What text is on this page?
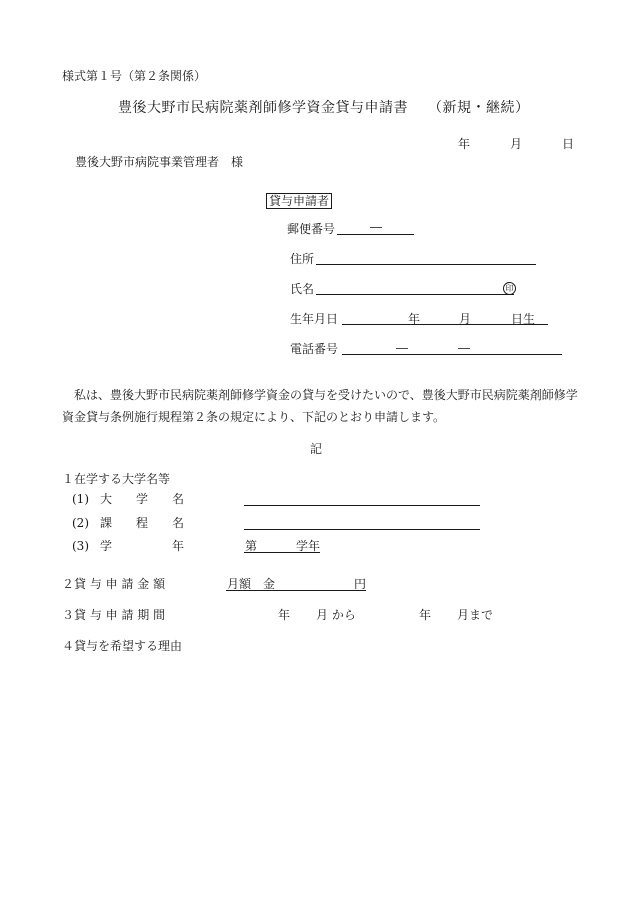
様式第１号（第２条関係）
豊後大野市民病院薬剤師修学資金貸与申請書 （新規・継続）
年	月	日
豊後大野市病院事業管理者　様
貸与申請者
郵便番号	―
住所
氏名	印
生年月日	年	月	日生
電話番号	―	―
私は、豊後大野市民病院薬剤師修学資金の貸与を受けたいので、豊後大野市民病院薬剤師修学資金貸与条例施行規程第２条の規定により、下記のとおり申請します。
記
１在学する大学名等
(1) 大　　学　　名
(2) 課　　程　　名
(3) 学　　　　　年	第	学年
２貸 与 申 請 金 額	月額　金	円
３貸 与 申 請 期 間	年 月 から	年 月まで
４貸与を希望する理由
